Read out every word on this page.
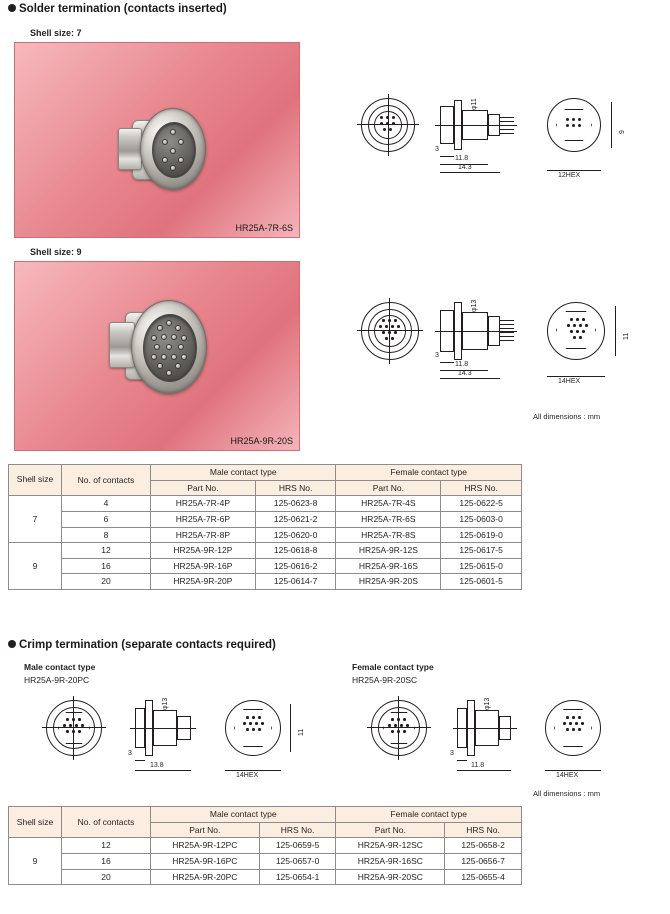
Solder termination (contacts inserted)
Shell size: 7
HR25A-7R-6S
φ11
3
11.8
14.3
9
12HEX
Shell size: 9
HR25A-9R-20S
φ13
3
11.8
14.3
11
14HEX
All dimensions : mm
Shell size	No. of contacts	Male contact type		Female contact type	
		Part No.	HRS No.	Part No.	HRS No.
7	4	HR25A-7R-4P	125-0623-8	HR25A-7R-4S	125-0622-5
	6	HR25A-7R-6P	125-0621-2	HR25A-7R-6S	125-0603-0
	8	HR25A-7R-8P	125-0620-0	HR25A-7R-8S	125-0619-0
9	12	HR25A-9R-12P	125-0618-8	HR25A-9R-12S	125-0617-5
	16	HR25A-9R-16P	125-0616-2	HR25A-9R-16S	125-0615-0
	20	HR25A-9R-20P	125-0614-7	HR25A-9R-20S	125-0601-5
Crimp termination (separate contacts required)
Male contact type
HR25A-9R-20PC
Female contact type
HR25A-9R-20SC
φ13
3
13.8
11
14HEX
φ13
3
11.8
14HEX
All dimensions : mm
Shell size	No. of contacts	Male contact type		Female contact type	
		Part No.	HRS No.	Part No.	HRS No.
9	12	HR25A-9R-12PC	125-0659-5	HR25A-9R-12SC	125-0658-2
	16	HR25A-9R-16PC	125-0657-0	HR25A-9R-16SC	125-0656-7
	20	HR25A-9R-20PC	125-0654-1	HR25A-9R-20SC	125-0655-4
